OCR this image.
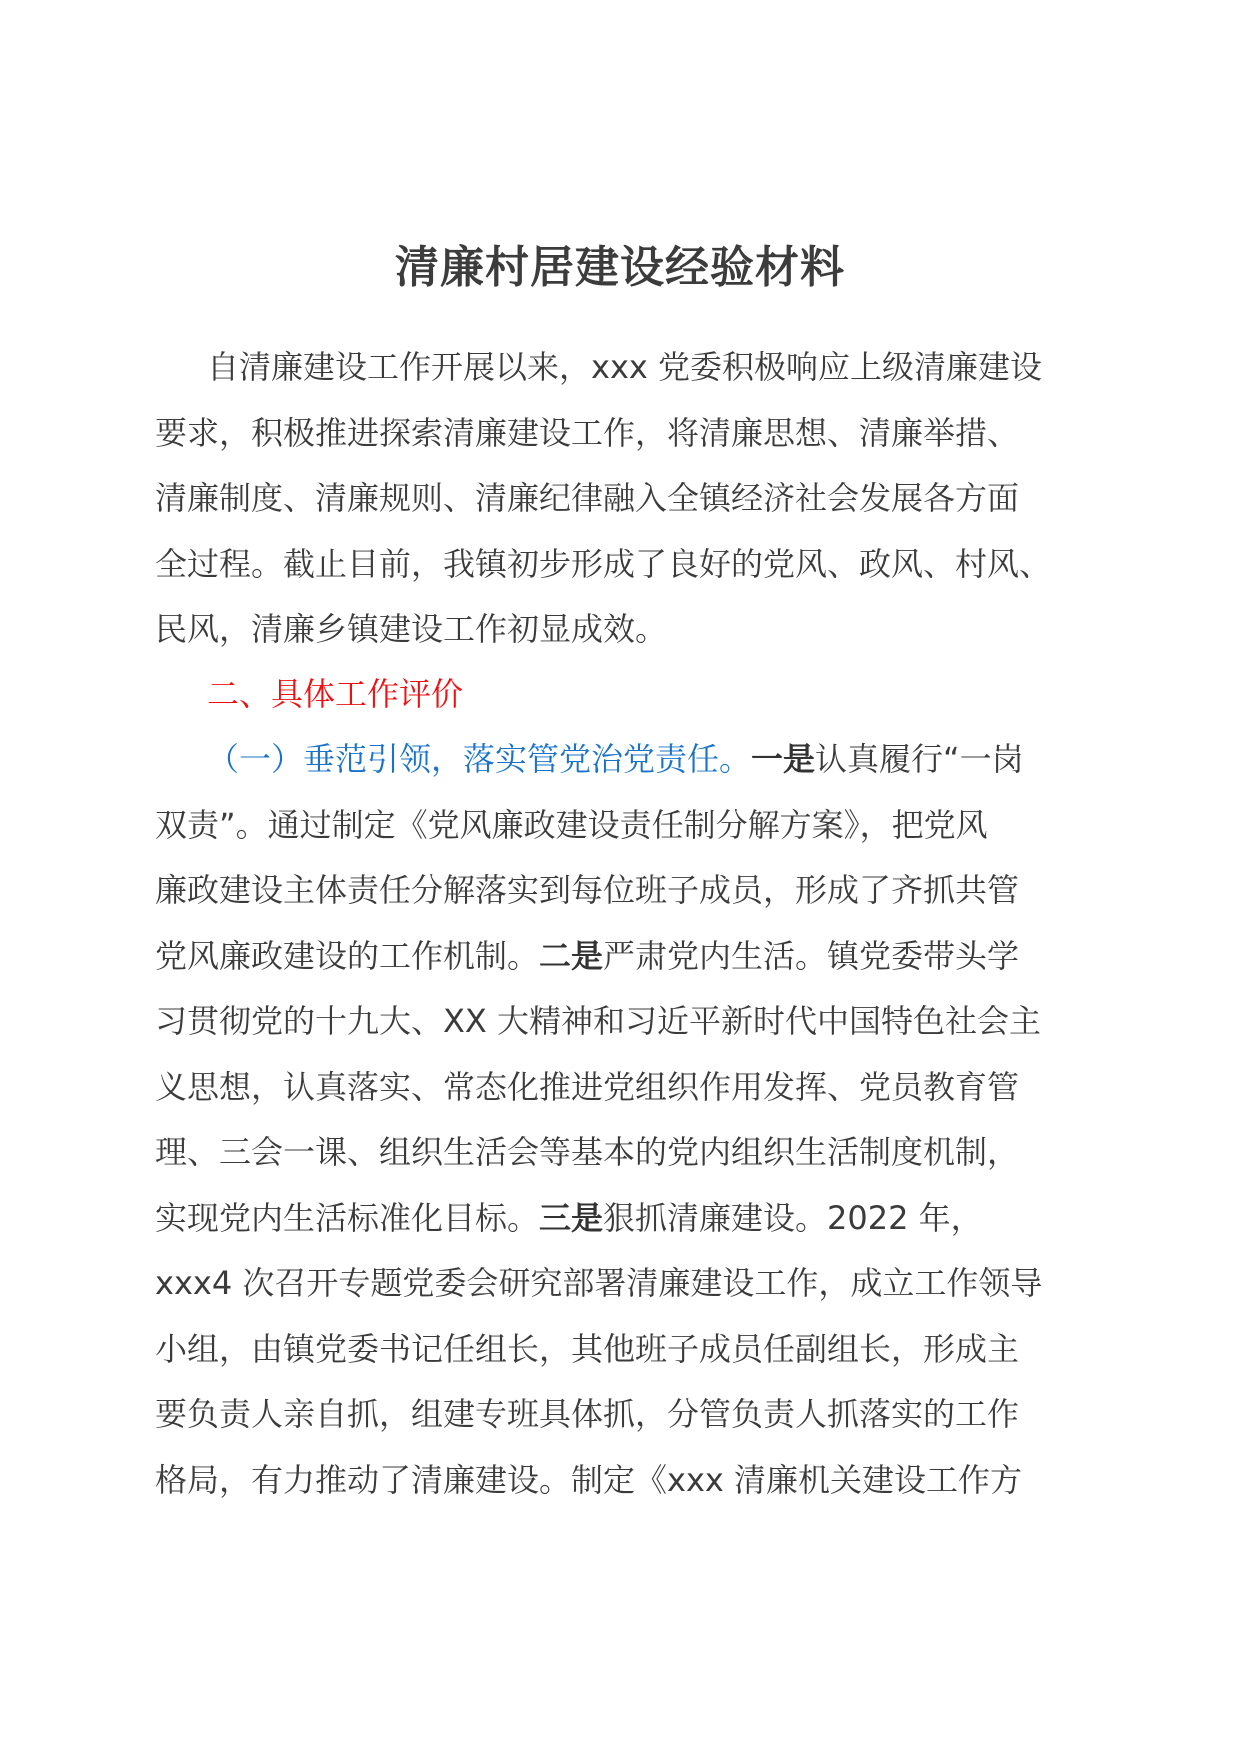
清廉村居建设经验材料
自清廉建设工作开展以来，xxx 党委积极响应上级清廉建设
要求，积极推进探索清廉建设工作，将清廉思想、清廉举措、
清廉制度、清廉规则、清廉纪律融入全镇经济社会发展各方面
全过程。截止目前，我镇初步形成了良好的党风、政风、村风、
民风，清廉乡镇建设工作初显成效。
二、具体工作评价
（一）垂范引领，落实管党治党责任。一是认真履行“一岗
双责”。通过制定《党风廉政建设责任制分解方案》，把党风
廉政建设主体责任分解落实到每位班子成员，形成了齐抓共管
党风廉政建设的工作机制。二是严肃党内生活。镇党委带头学
习贯彻党的十九大、XX 大精神和习近平新时代中国特色社会主
义思想，认真落实、常态化推进党组织作用发挥、党员教育管
理、三会一课、组织生活会等基本的党内组织生活制度机制，
实现党内生活标准化目标。三是狠抓清廉建设。2022 年，
xxx4 次召开专题党委会研究部署清廉建设工作，成立工作领导
小组，由镇党委书记任组长，其他班子成员任副组长，形成主
要负责人亲自抓，组建专班具体抓，分管负责人抓落实的工作
格局，有力推动了清廉建设。制定《xxx 清廉机关建设工作方
